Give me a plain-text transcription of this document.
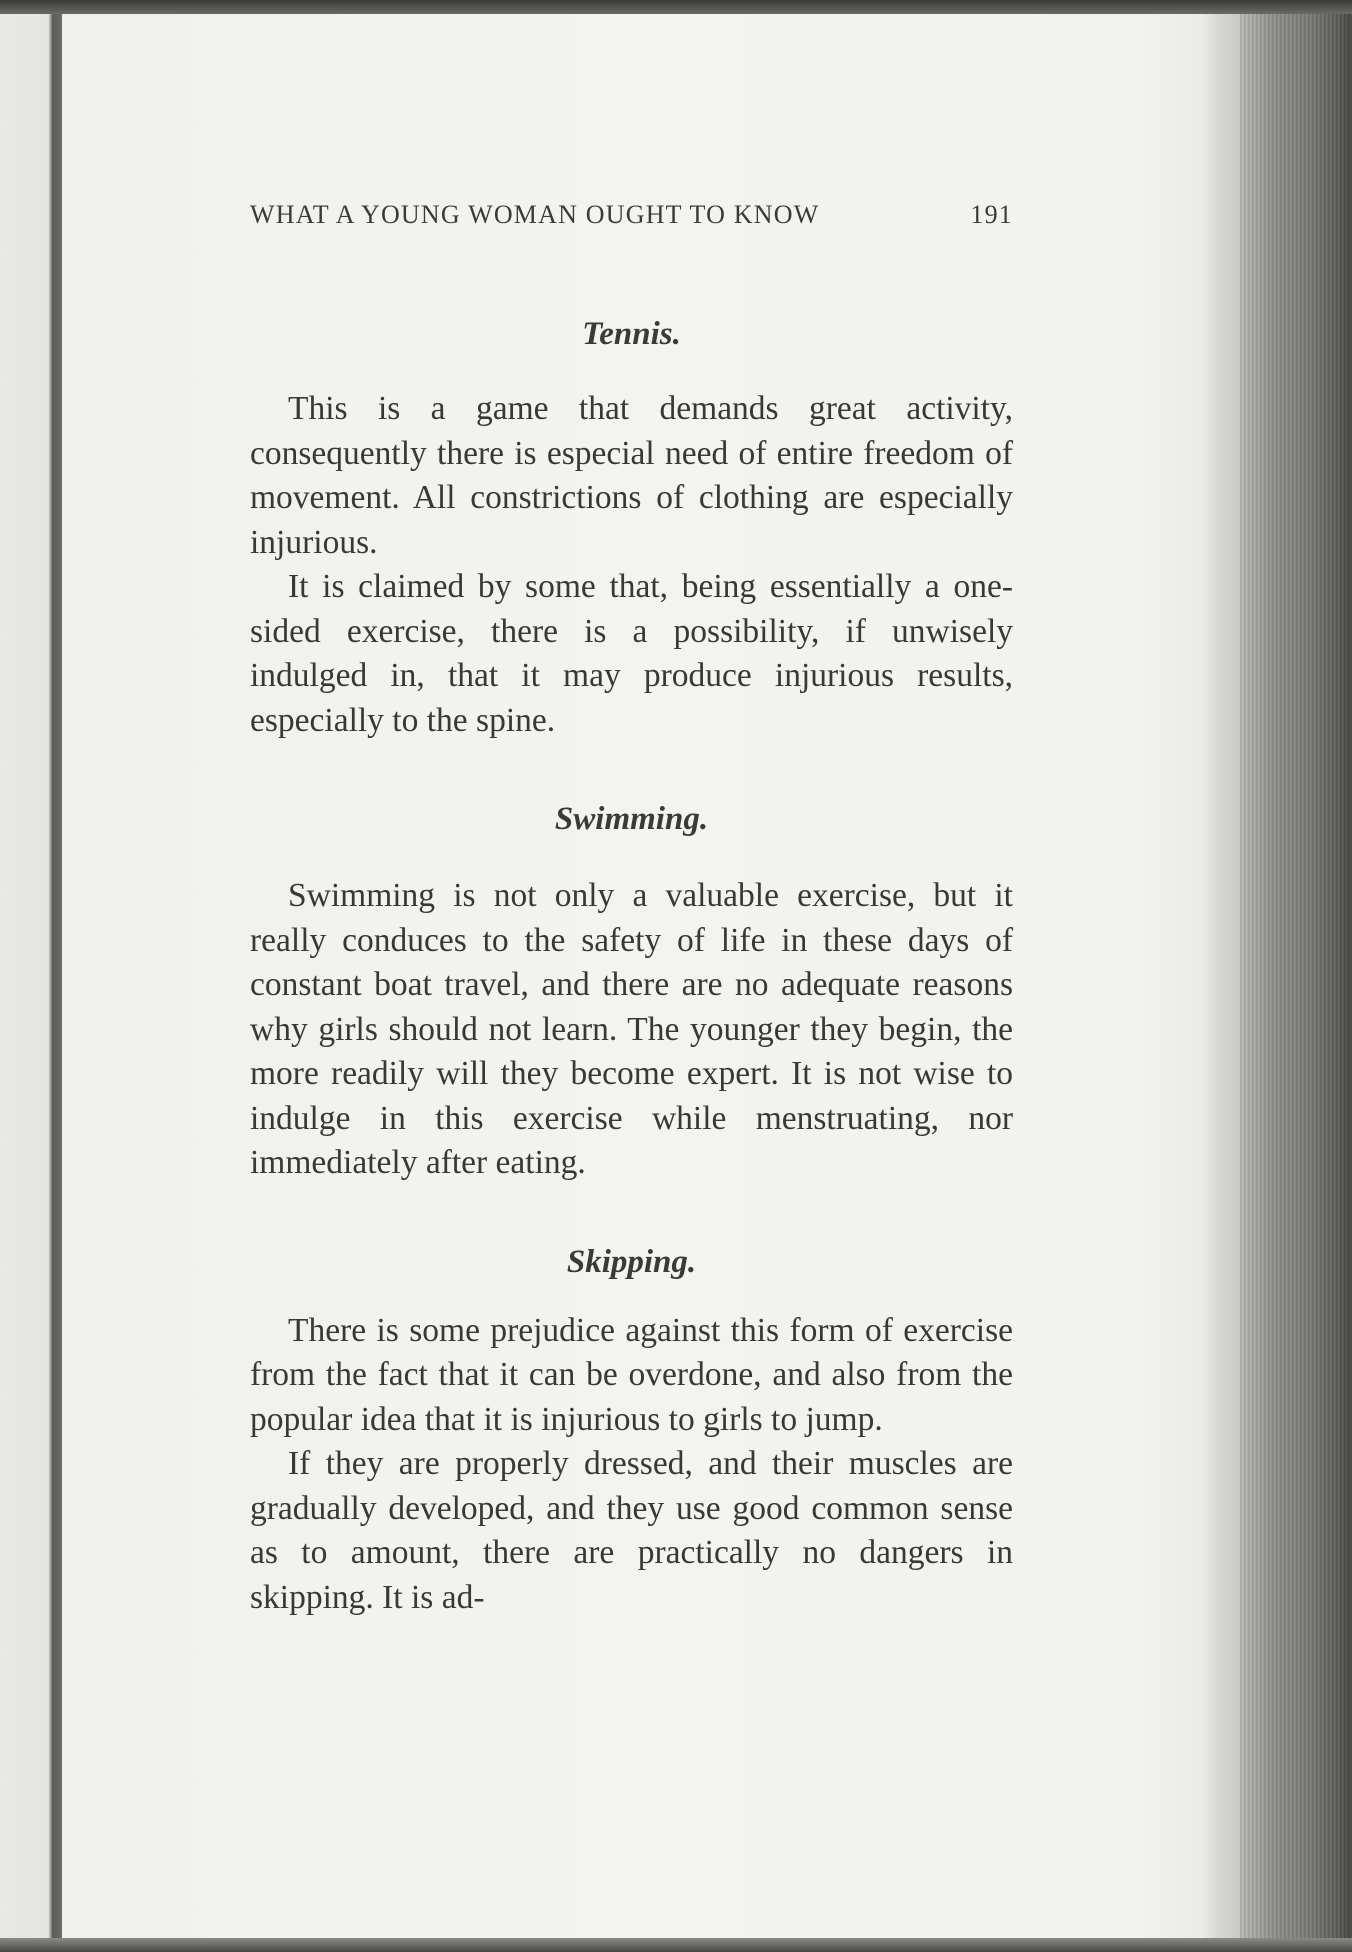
WHAT A YOUNG WOMAN OUGHT TO KNOW	191
Tennis.

This is a game that demands great activity, consequently there is especial need of entire freedom of movement. All constrictions of clothing are especially injurious.

It is claimed by some that, being essentially a one-sided exercise, there is a possibility, if unwisely indulged in, that it may produce injurious results, especially to the spine.

Swimming.

Swimming is not only a valuable exercise, but it really conduces to the safety of life in these days of constant boat travel, and there are no adequate reasons why girls should not learn. The younger they begin, the more readily will they become expert. It is not wise to indulge in this exercise while menstruating, nor immediately after eating.

Skipping.

There is some prejudice against this form of exercise from the fact that it can be overdone, and also from the popular idea that it is injurious to girls to jump.

If they are properly dressed, and their muscles are gradually developed, and they use good common sense as to amount, there are practically no dangers in skipping. It is ad-
